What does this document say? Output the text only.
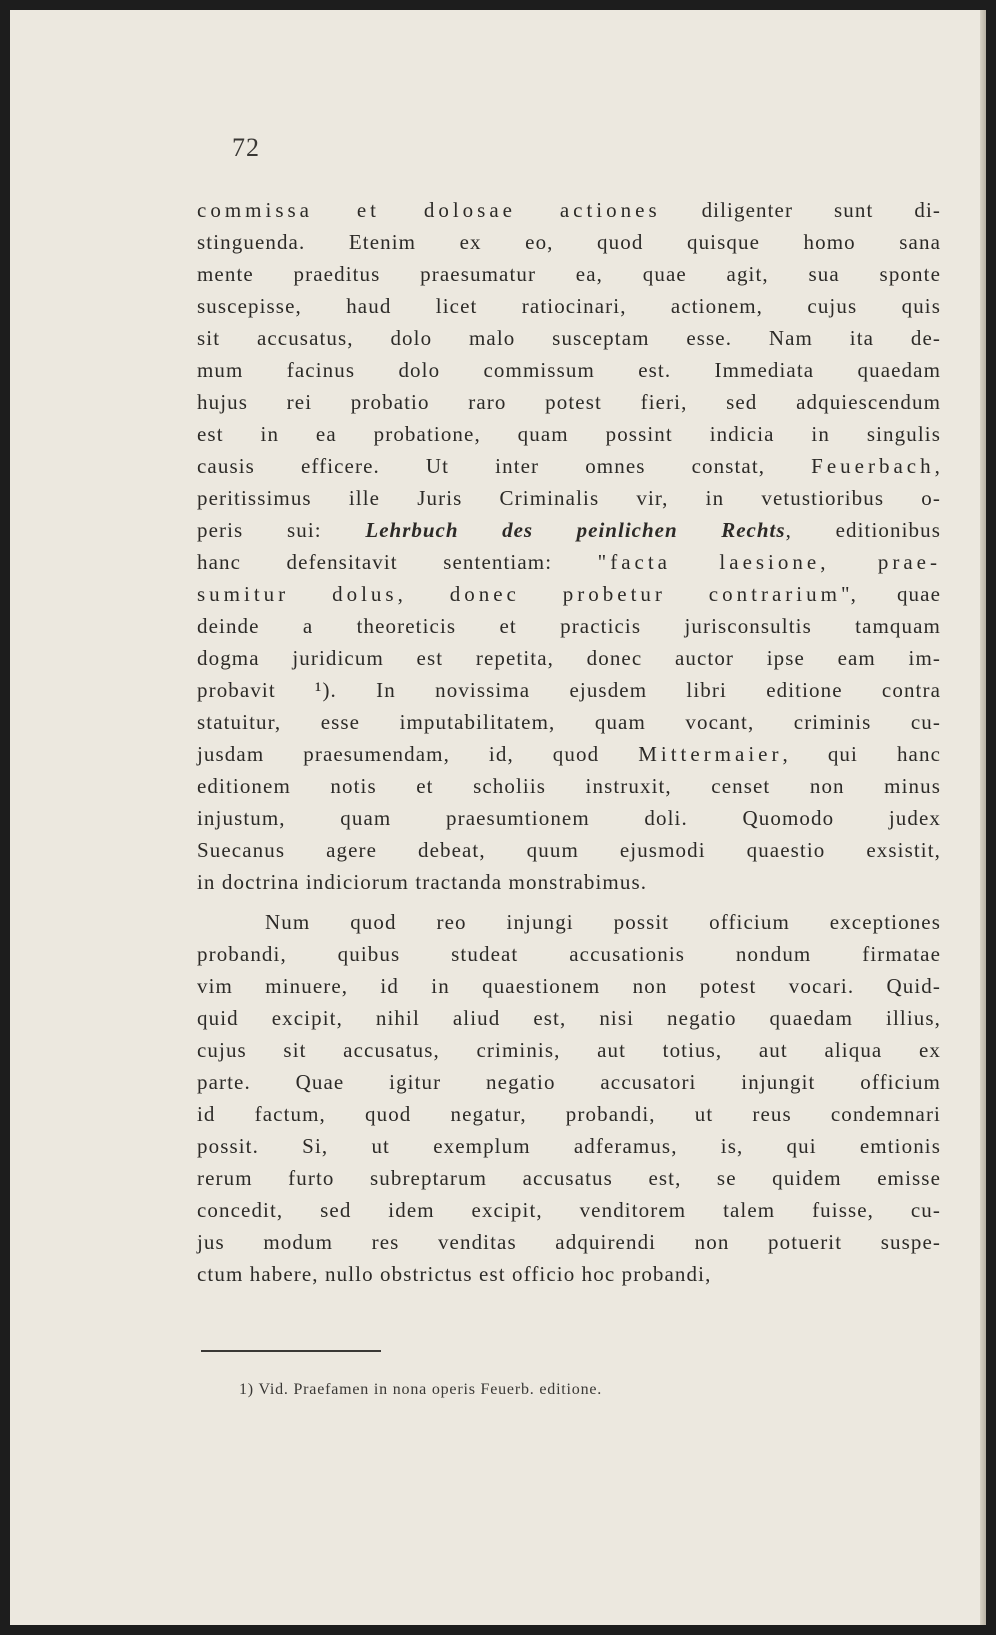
72
commissa et dolosae actiones diligenter sunt di-
stinguenda. Etenim ex eo, quod quisque homo sana
mente praeditus praesumatur ea, quae agit, sua sponte
suscepisse, haud licet ratiocinari, actionem, cujus quis
sit accusatus, dolo malo susceptam esse. Nam ita de-
mum facinus dolo commissum est. Immediata quaedam
hujus rei probatio raro potest fieri, sed adquiescendum
est in ea probatione, quam possint indicia in singulis
causis efficere. Ut inter omnes constat, Feuerbach,
peritissimus ille Juris Criminalis vir, in vetustioribus o-
peris sui: Lehrbuch des peinlichen Rechts, editionibus
hanc defensitavit sententiam: "facta laesione, prae-
sumitur dolus, donec probetur contrarium", quae
deinde a theoreticis et practicis jurisconsultis tamquam
dogma juridicum est repetita, donec auctor ipse eam im-
probavit ¹). In novissima ejusdem libri editione contra
statuitur, esse imputabilitatem, quam vocant, criminis cu-
jusdam praesumendam, id, quod Mittermaier, qui hanc
editionem notis et scholiis instruxit, censet non minus
injustum, quam praesumtionem doli. Quomodo judex
Suecanus agere debeat, quum ejusmodi quaestio exsistit,
in doctrina indiciorum tractanda monstrabimus.
Num quod reo injungi possit officium exceptiones
probandi, quibus studeat accusationis nondum firmatae
vim minuere, id in quaestionem non potest vocari. Quid-
quid excipit, nihil aliud est, nisi negatio quaedam illius,
cujus sit accusatus, criminis, aut totius, aut aliqua ex
parte. Quae igitur negatio accusatori injungit officium
id factum, quod negatur, probandi, ut reus condemnari
possit. Si, ut exemplum adferamus, is, qui emtionis
rerum furto subreptarum accusatus est, se quidem emisse
concedit, sed idem excipit, venditorem talem fuisse, cu-
jus modum res venditas adquirendi non potuerit suspe-
ctum habere, nullo obstrictus est officio hoc probandi,
1) Vid. Praefamen in nona operis Feuerb. editione.
